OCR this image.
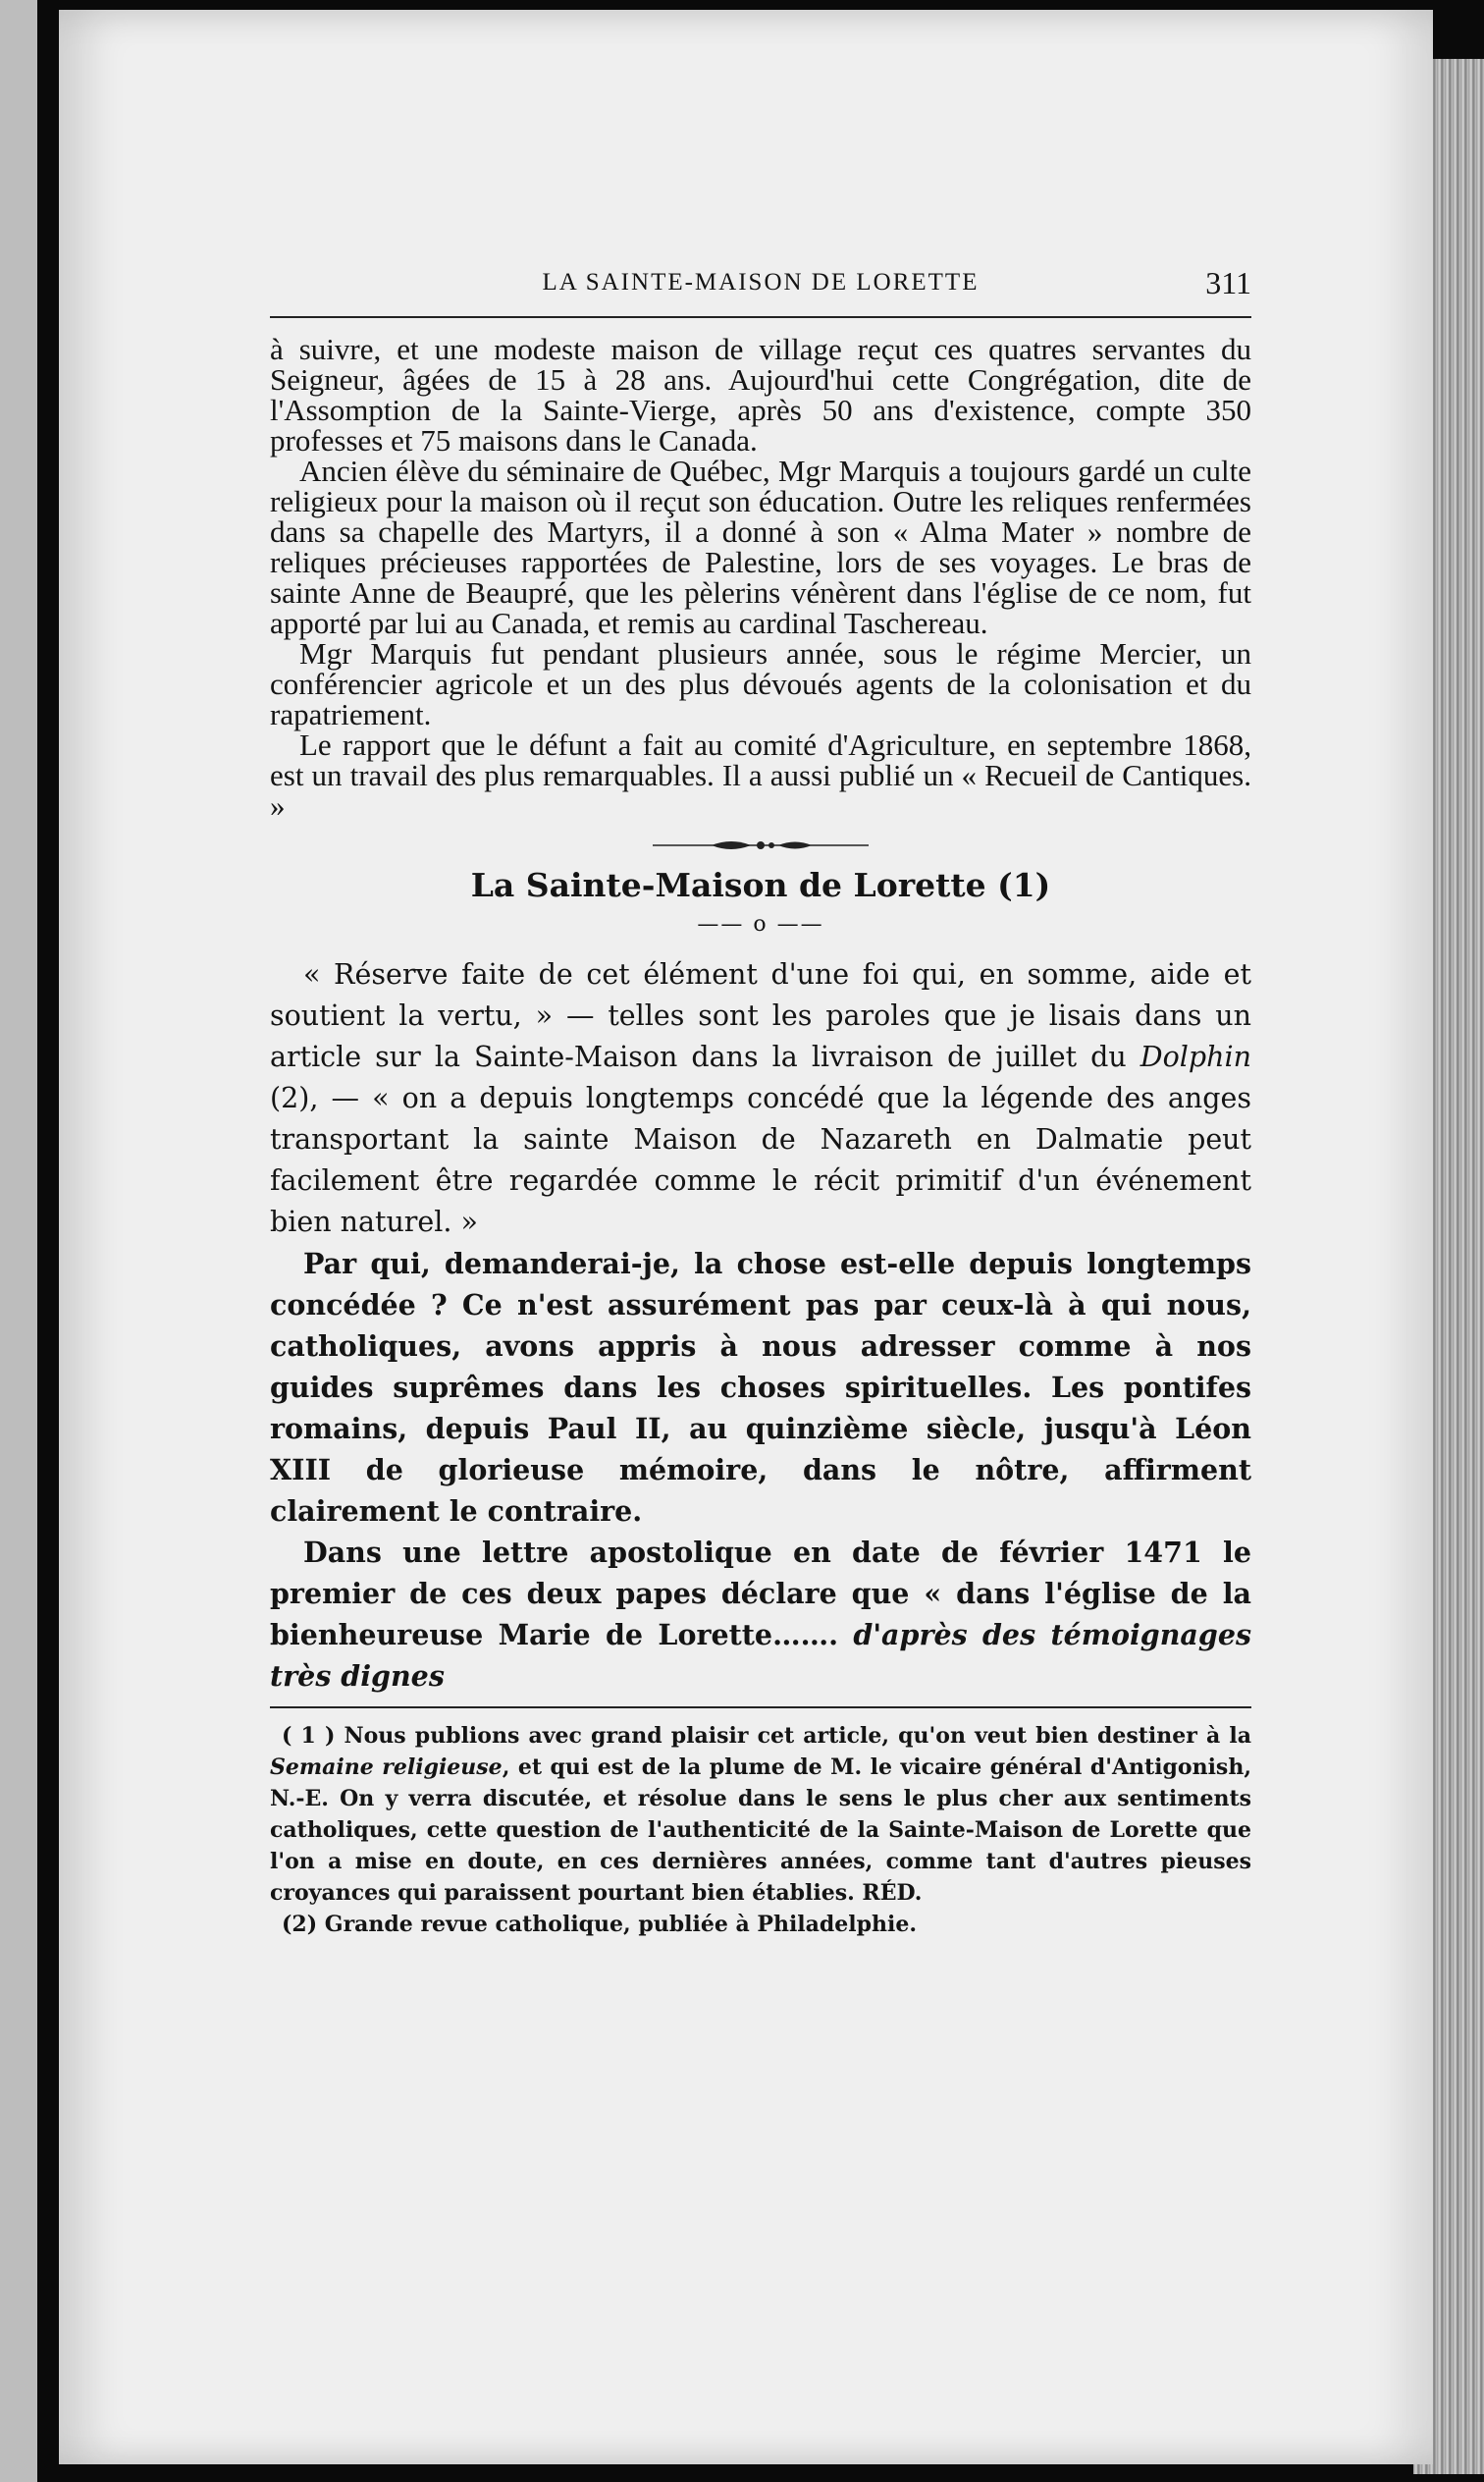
LA SAINTE-MAISON DE LORETTE	311

à suivre, et une modeste maison de village reçut ces quatres servantes du Seigneur, âgées de 15 à 28 ans. Aujourd'hui cette Congrégation, dite de l'Assomption de la Sainte-Vierge, après 50 ans d'existence, compte 350 professes et 75 maisons dans le Canada.

Ancien élève du séminaire de Québec, Mgr Marquis a toujours gardé un culte religieux pour la maison où il reçut son éducation. Outre les reliques renfermées dans sa chapelle des Martyrs, il a donné à son « Alma Mater » nombre de reliques précieuses rapportées de Palestine, lors de ses voyages. Le bras de sainte Anne de Beaupré, que les pèlerins vénèrent dans l'église de ce nom, fut apporté par lui au Canada, et remis au cardinal Taschereau.

Mgr Marquis fut pendant plusieurs année, sous le régime Mercier, un conférencier agricole et un des plus dévoués agents de la colonisation et du rapatriement.

Le rapport que le défunt a fait au comité d'Agriculture, en septembre 1868, est un travail des plus remarquables. Il a aussi publié un « Recueil de Cantiques. »

La Sainte-Maison de Lorette (1)
—— o ——

« Réserve faite de cet élément d'une foi qui, en somme, aide et soutient la vertu, » — telles sont les paroles que je lisais dans un article sur la Sainte-Maison dans la livraison de juillet du Dolphin (2), — « on a depuis longtemps concédé que la légende des anges transportant la sainte Maison de Nazareth en Dalmatie peut facilement être regardée comme le récit primitif d'un événement bien naturel. »

Par qui, demanderai-je, la chose est-elle depuis longtemps concédée ? Ce n'est assurément pas par ceux-là à qui nous, catholiques, avons appris à nous adresser comme à nos guides suprêmes dans les choses spirituelles. Les pontifes romains, depuis Paul II, au quinzième siècle, jusqu'à Léon XIII de glorieuse mémoire, dans le nôtre, affirment clairement le contraire.

Dans une lettre apostolique en date de février 1471 le premier de ces deux papes déclare que « dans l'église de la bienheureuse Marie de Lorette……. d'après des témoignages très dignes

( 1 ) Nous publions avec grand plaisir cet article, qu'on veut bien destiner à la Semaine religieuse, et qui est de la plume de M. le vicaire général d'Antigonish, N.-E. On y verra discutée, et résolue dans le sens le plus cher aux sentiments catholiques, cette question de l'authenticité de la Sainte-Maison de Lorette que l'on a mise en doute, en ces dernières années, comme tant d'autres pieuses croyances qui paraissent pourtant bien établies. RÉD.

(2) Grande revue catholique, publiée à Philadelphie.
